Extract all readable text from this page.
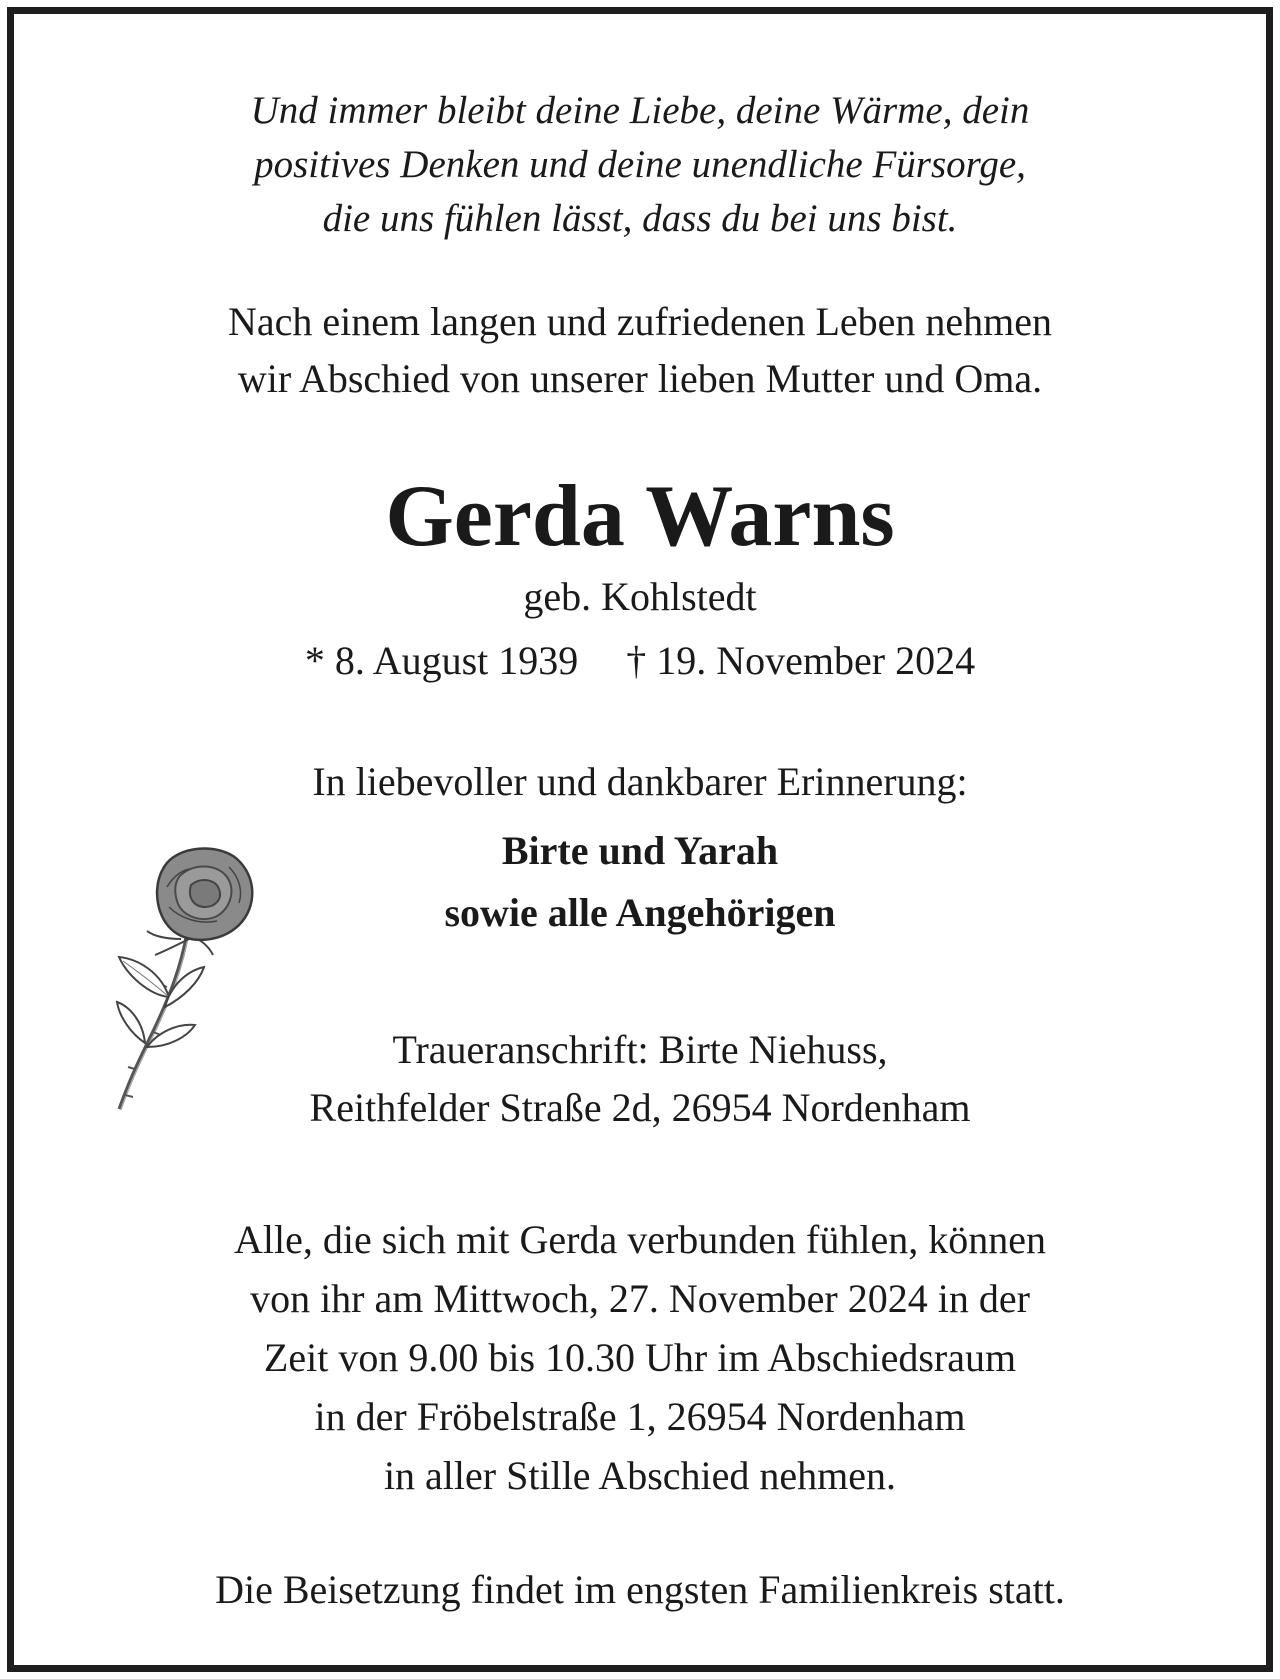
Und immer bleibt deine Liebe, deine Wärme, dein
positives Denken und deine unendliche Fürsorge,
die uns fühlen lässt, dass du bei uns bist.
Nach einem langen und zufriedenen Leben nehmen
wir Abschied von unserer lieben Mutter und Oma.
Gerda Warns
geb. Kohlstedt
* 8. August 1939 † 19. November 2024
In liebevoller und dankbarer Erinnerung:
Birte und Yarah
sowie alle Angehörigen
Traueranschrift: Birte Niehuss,
Reithfelder Straße 2d, 26954 Nordenham
Alle, die sich mit Gerda verbunden fühlen, können
von ihr am Mittwoch, 27. November 2024 in der
Zeit von 9.00 bis 10.30 Uhr im Abschiedsraum
in der Fröbelstraße 1, 26954 Nordenham
in aller Stille Abschied nehmen.
Die Beisetzung findet im engsten Familienkreis statt.
